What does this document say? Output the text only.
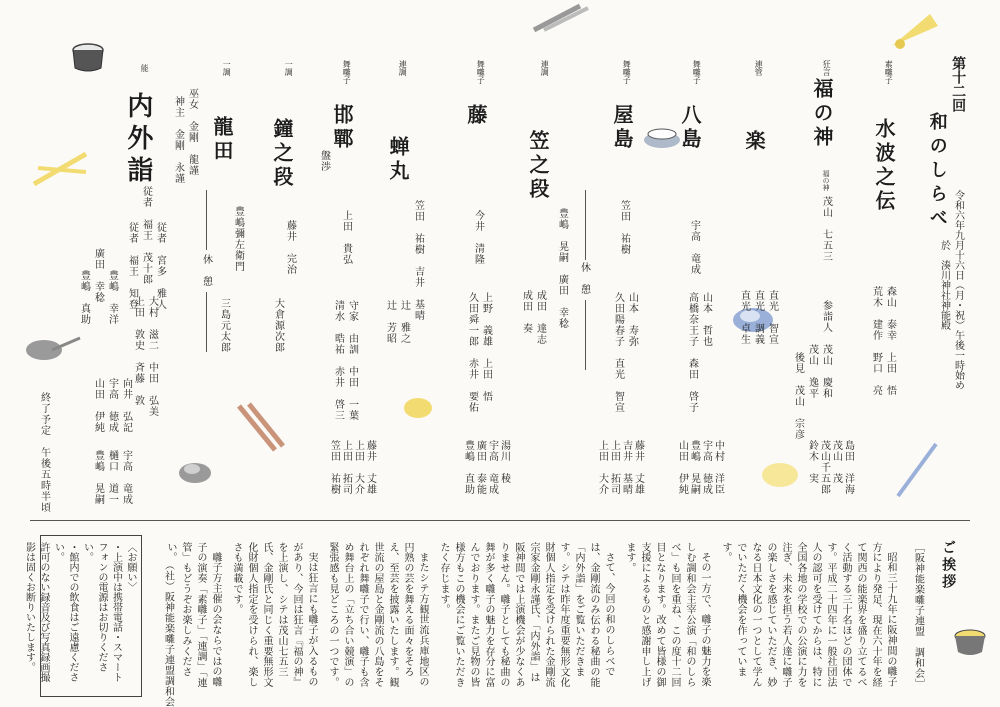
第十二回
和のしらべ
令和六年九月十六日（月・祝）午後一時始め
於　湊川神社神能殿
素囃子
水波之伝
森山　泰幸　上田　悟
荒木　建作　野口　亮
島田　洋海
茂山　茂
茂山千五郎
鈴木　実
狂言
福の神
福の神
茂山　七五三
参詣人　茂山　慶和
　　　　茂山　逸平
後見　茂山　宗彦
連管
楽
直光　智宣
直光　調義
直光　卓生
舞囃子
八島
宇高　竜成
山本　哲也
高橋奈王子　森田　啓子
中村　洋臣
宇高　徳成
豊嶋　晃嗣
山田　伊純
舞囃子
屋島
笠田　祐樹
山本　寿弥
久田陽春子　直光　智宣
藤井　丈雄
吉井　基晴
上田　拓司
上田　大介
休　憩
連調
笠之段
豊嶋　晃嗣　廣田　幸稔
成田　達志
成田　奏
舞囃子
藤
今井　清隆
上野　義雄　上田　悟
久田舜一郎　赤井　要佑
湯川　稜
宇高　竜成
廣田　泰能
豊嶋　直助
連調
蝉丸
笠田　祐樹　吉井　基晴
辻　雅之
辻　芳昭
舞囃子
邯鄲
盤渉
上田　貴弘
守家　由訓　中田　一葉
清水　晧祐　赤井　啓三
藤井　丈雄
上田　大介
上田　拓司
笠田　祐樹
一調
鐘之段
藤井　完治
大倉源次郎
一調
龍田
豊嶋彌左衛門
三島元太郎
休　憩
能
内外詣	巫女　金剛　龍謹
神主　金剛　永謹
従者　宮多　雅人
従者　福王　茂十郎
従者　福王　知登
大村　滋二　中田　弘美
上田　敦史　斉藤　敦
豊嶋　幸洋
廣田　幸稔
豊嶋　真助
向井　弘記
宇高　徳成
山田　伊純
宇高　竜成
樋口　道一
豊嶋　晃嗣
終了予定　午後五時半頃
ご挨拶
［阪神能楽囃子連盟　調和会］

昭和三十九年に阪神間の囃子方により発足、現在六十年を経て関西の能楽界を盛り立てるべく活動する三十名ほどの団体です。平成二十四年に一般社団法人の認可を受けてからは、特に全国各地の学校での公演に力を注ぎ、未来を担う若人達に囃子の楽しさを感じていただき、妙なる日本文化の一つとして学んでいただく機会を作っています。

その一方で、囃子の魅力を楽しむ調和会主宰公演「和のしらべ」も回を重ね、この度十二回目となります。改めて皆様の御支援によるものと感謝申し上げます。

さて、今回の和のしらべでは、金剛流のみ伝わる秘曲の能「内外詣」をご覧いただきます。シテは昨年度重要無形文化財個人指定を受けられた金剛流宗家金剛永謹氏、「内外詣」は阪神間では上演機会が少なくありません。囃子としても秘曲の舞が多く囃子の魅力を存分に富んでおります。またご見物の皆様方もこの機会にご覧いただきたく存じます。

またシテ方観世流兵庫地区の円熟の芸を舞える面々をそろえ、至芸を披露いたします。観世流の屋島と金剛流の八島をそれぞれ舞囃子で行い、囃子も含め舞台上の「立ち合い競演」の緊張感も見どころの一つです。

実は狂言にも囃子が入るものがあり、今回は狂言『福の神』を上演し、シテは茂山七五三氏、金剛氏と同じく重要無形文化財個人指定を受けられ、楽しさも満載です。

囃子方主催の会ならではの囃子の演奏「素囃子」「連調」「連管」もどうぞお楽しみください。

（社）阪神能楽囃子連盟調和会
〈お願い〉
・上演中は携帯電話・スマートフォンの電源はお切りください。
・館内での飲食はご遠慮ください。
許可のない録音及び写真録画撮影は固くお断りいたします。
